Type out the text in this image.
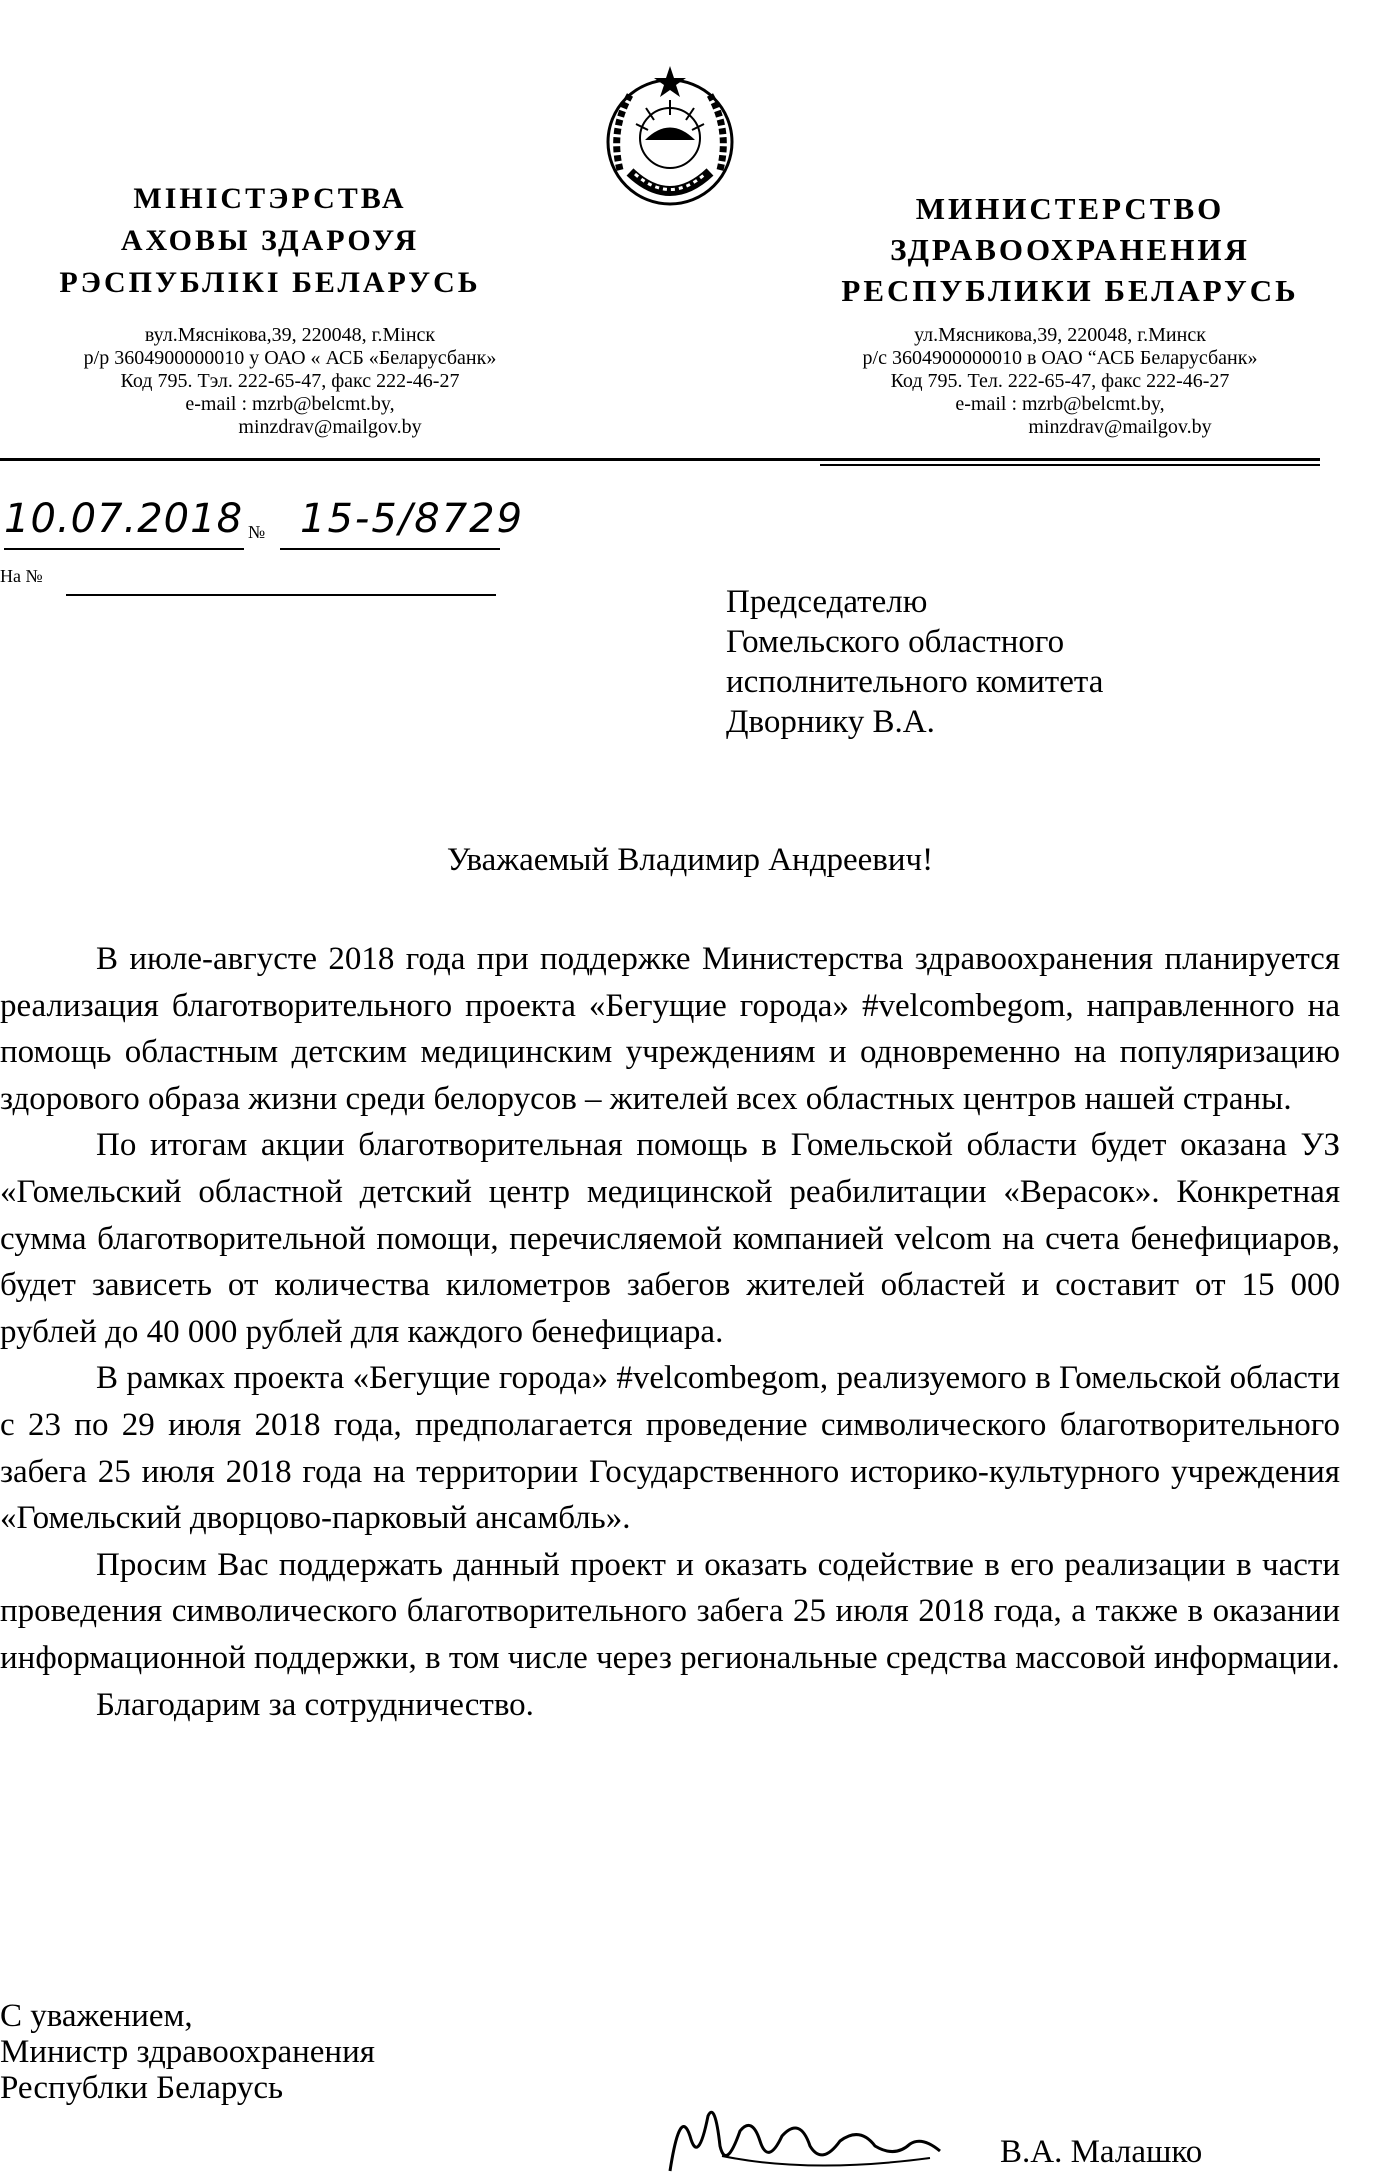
МІНІСТЭРСТВА
АХОВЫ ЗДАРОУЯ
РЭСПУБЛІКІ БЕЛАРУСЬ
вул.Мяснікова,39, 220048, г.Мінск
р/р 3604900000010 у ОАО « АСБ «Беларусбанк»
Код 795. Тэл. 222-65-47, факс 222-46-27
e-mail : mzrb@belcmt.by,
minzdrav@mailgov.by
МИНИСТЕРСТВО
ЗДРАВООХРАНЕНИЯ
РЕСПУБЛИКИ БЕЛАРУСЬ
ул.Мясникова,39, 220048, г.Минск
р/с 3604900000010 в ОАО “АСБ Беларусбанк»
Код 795. Тел. 222-65-47, факс 222-46-27
e-mail : mzrb@belcmt.by,
minzdrav@mailgov.by
10.07.2018 № 15-5/8729
На №
Председателю
Гомельского областного
исполнительного комитета
Дворнику В.А.
Уважаемый Владимир Андреевич!

В июле-августе 2018 года при поддержке Министерства здравоохранения планируется реализация благотворительного проекта «Бегущие города» #velcombegom, направленного на помощь областным детским медицинским учреждениям и одновременно на популяризацию здорового образа жизни среди белорусов – жителей всех областных центров нашей страны.

По итогам акции благотворительная помощь в Гомельской области будет оказана УЗ «Гомельский областной детский центр медицинской реабилитации «Верасок». Конкретная сумма благотворительной помощи, перечисляемой компанией velcom на счета бенефициаров, будет зависеть от количества километров забегов жителей областей и составит от 15 000 рублей до 40 000 рублей для каждого бенефициара.

В рамках проекта «Бегущие города» #velcombegom, реализуемого в Гомельской области с 23 по 29 июля 2018 года, предполагается проведение символического благотворительного забега 25 июля 2018 года на территории Государственного историко-культурного учреждения «Гомельский дворцово-парковый ансамбль».

Просим Вас поддержать данный проект и оказать содействие в его реализации в части проведения символического благотворительного забега 25 июля 2018 года, а также в оказании информационной поддержки, в том числе через региональные средства массовой информации.

Благодарим за сотрудничество.

С уважением,
Министр здравоохранения
Республки Беларусь
В.А. Малашко
